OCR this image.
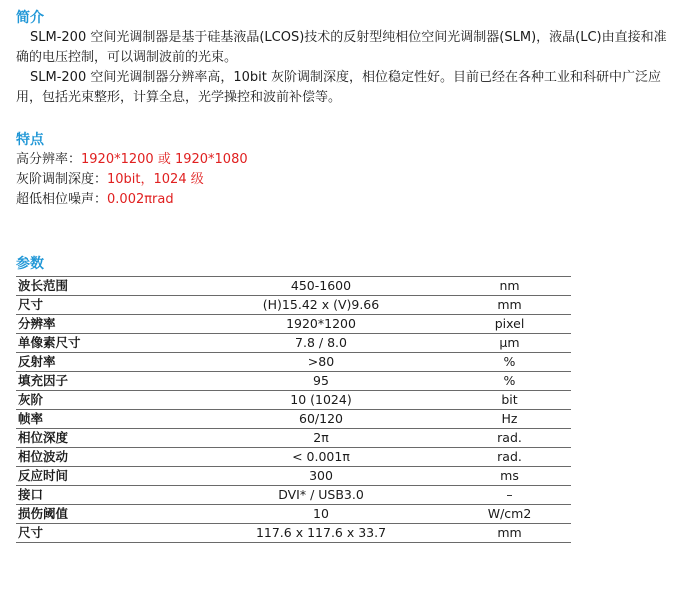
简介

SLM-200 空间光调制器是基于硅基液晶(LCOS)技术的反射型纯相位空间光调制器(SLM)，液晶(LC)由直接和准确的电压控制，可以调制波前的光束。

SLM-200 空间光调制器分辨率高，10bit 灰阶调制深度，相位稳定性好。目前已经在各种工业和科研中广泛应用，包括光束整形，计算全息，光学操控和波前补偿等。

特点

高分辨率：1920*1200 或 1920*1080

灰阶调制深度：10bit，1024 级

超低相位噪声：0.002πrad

参数
波长范围	450-1600	nm
尺寸	(H)15.42 x (V)9.66	mm
分辨率	1920*1200	pixel
单像素尺寸	7.8 / 8.0	μm
反射率	>80	%
填充因子	95	%
灰阶	10 (1024)	bit
帧率	60/120	Hz
相位深度	2π	rad.
相位波动	< 0.001π	rad.
反应时间	300	ms
接口	DVI* / USB3.0	–
损伤阈值	10	W/cm2
尺寸	117.6 x 117.6 x 33.7	mm
